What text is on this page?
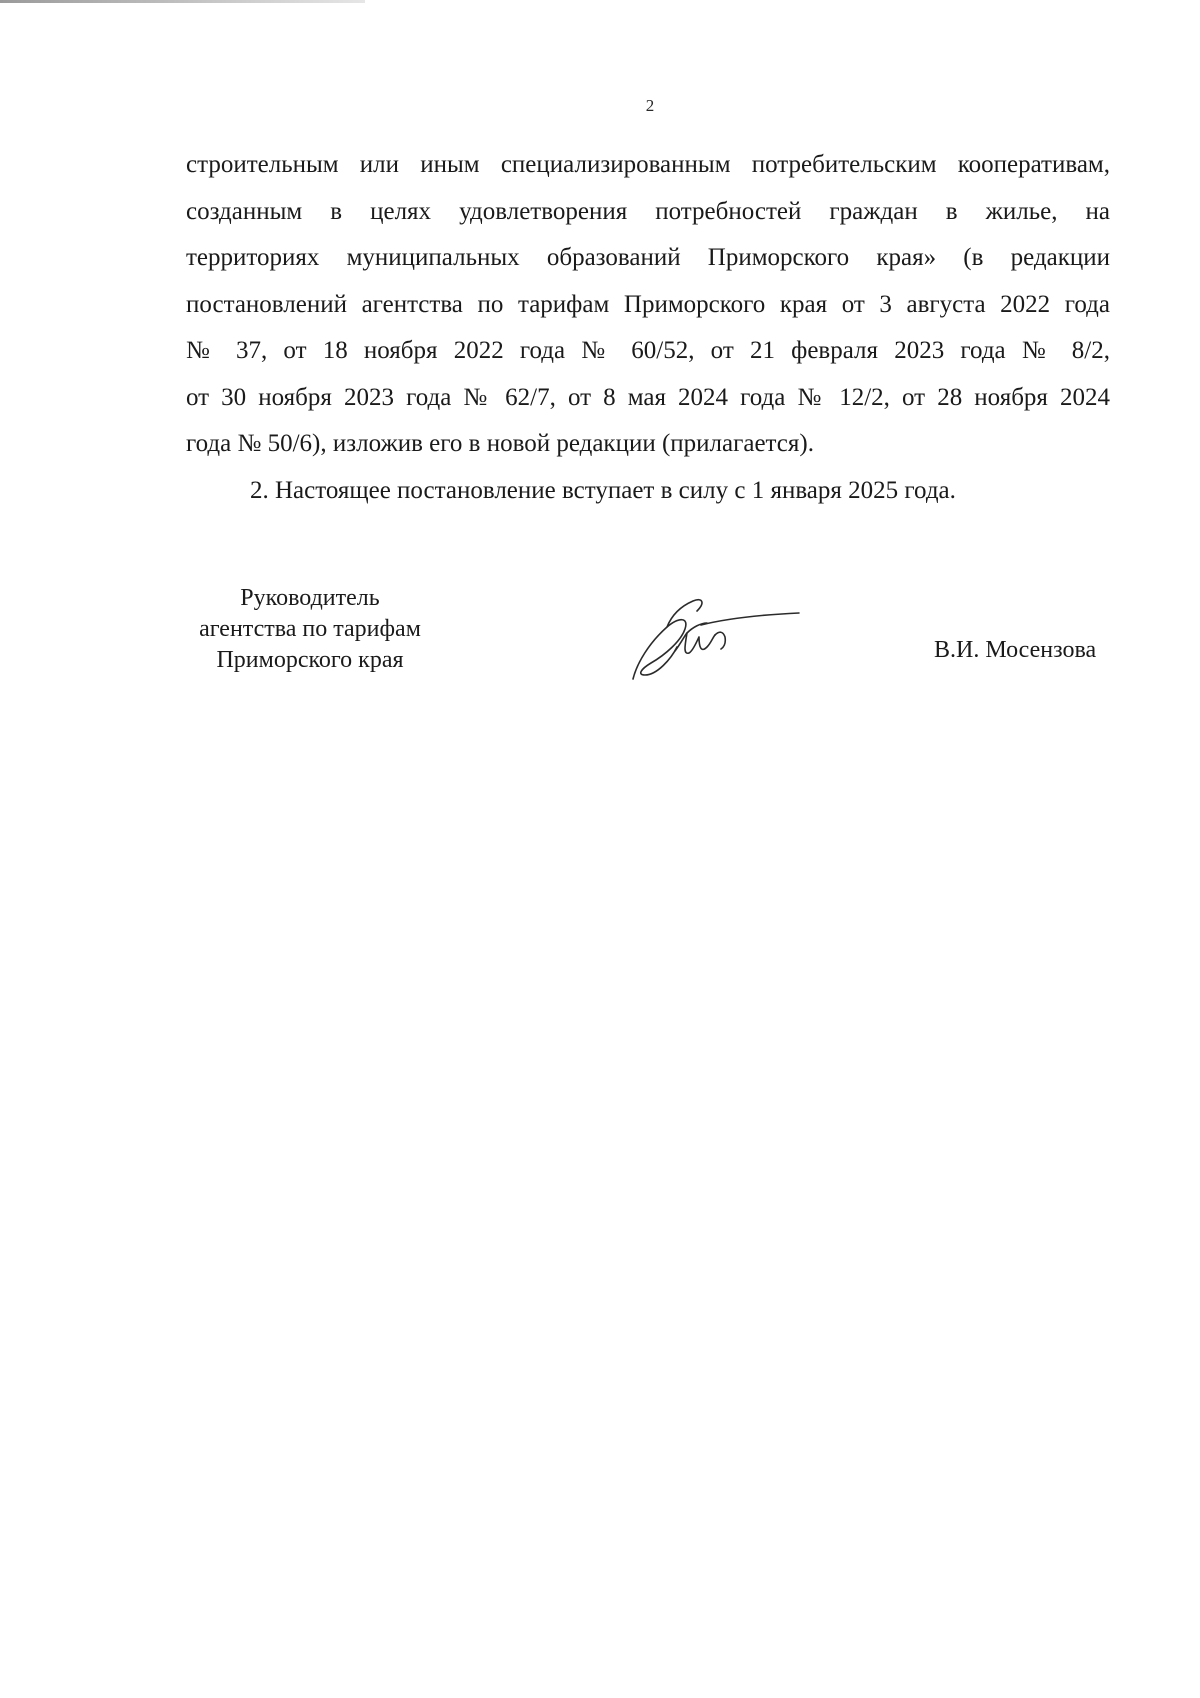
2
строительным или иным специализированным потребительским кооперативам,
созданным в целях удовлетворения потребностей граждан в жилье, на
территориях муниципальных образований Приморского края» (в редакции
постановлений агентства по тарифам Приморского края от 3 августа 2022 года
№ 37, от 18 ноября 2022 года № 60/52, от 21 февраля 2023 года № 8/2,
от 30 ноября 2023 года № 62/7, от 8 мая 2024 года № 12/2, от 28 ноября 2024
года № 50/6), изложив его в новой редакции (прилагается).
2. Настоящее постановление вступает в силу с 1 января 2025 года.
Руководитель
агентства по тарифам
Приморского края	В.И. Мосензова
